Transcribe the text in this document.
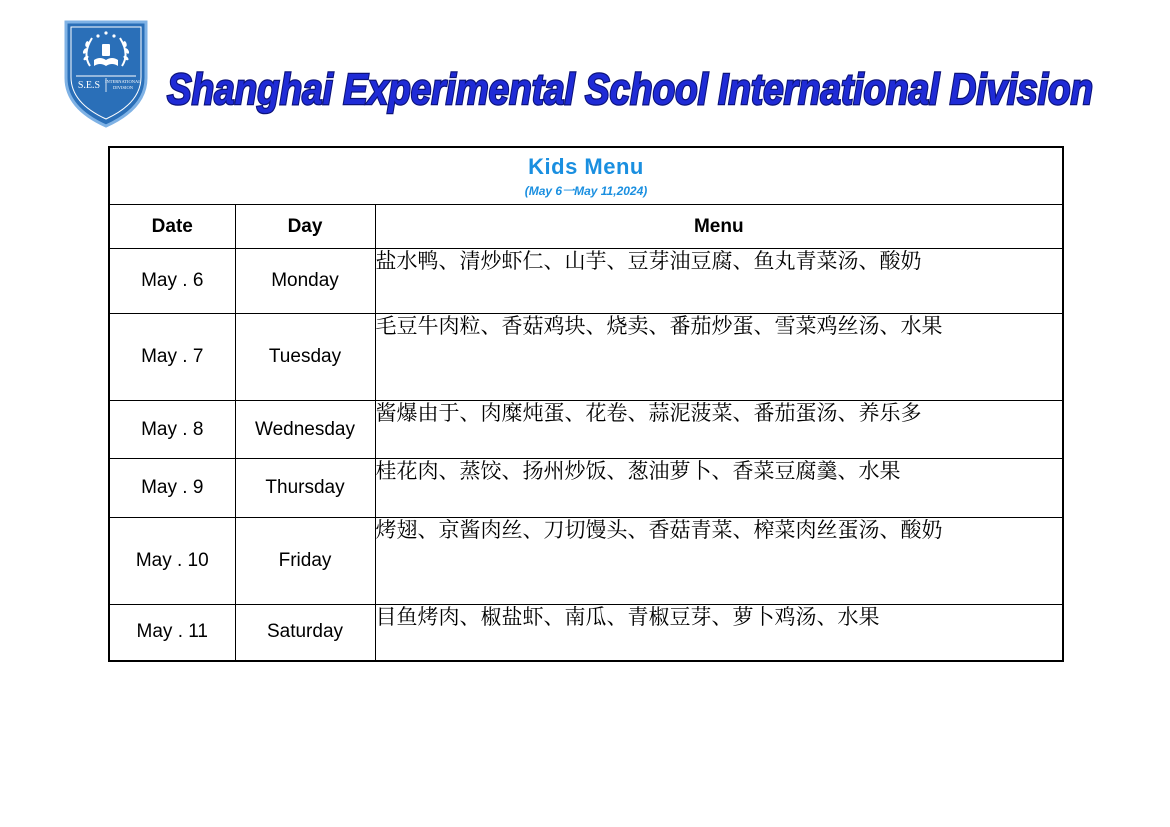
S.E.S INTERNATIONAL
DIVISION Shanghai Experimental School International Division
Kids Menu
(May 6一May 11,2024)		

Date	Day	Menu
May . 6	Monday	盐水鸭、清炒虾仁、山芋、豆芽油豆腐、鱼丸青菜汤、酸奶

May . 7	Tuesday	毛豆牛肉粒、香菇鸡块、烧卖、番茄炒蛋、雪菜鸡丝汤、水果

May . 8	Wednesday	酱爆由于、肉糜炖蛋、花卷、蒜泥菠菜、番茄蛋汤、养乐多

May . 9	Thursday	桂花肉、蒸饺、扬州炒饭、葱油萝卜、香菜豆腐羹、水果

May . 10	Friday	烤翅、京酱肉丝、刀切馒头、香菇青菜、榨菜肉丝蛋汤、酸奶

May . 11	Saturday	目鱼烤肉、椒盐虾、南瓜、青椒豆芽、萝卜鸡汤、水果
